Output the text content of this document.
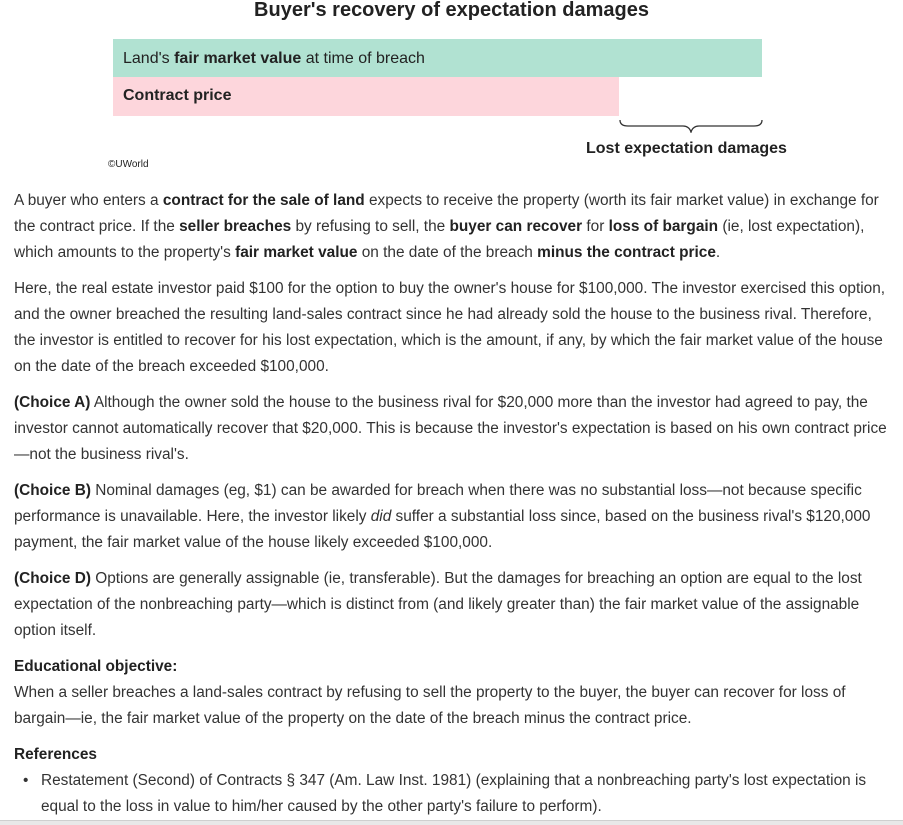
Buyer's recovery of expectation damages
Land's fair market value at time of breach
Contract price
Lost expectation damages
©UWorld

A buyer who enters a contract for the sale of land expects to receive the property (worth its fair market value) in exchange for the contract price. If the seller breaches by refusing to sell, the buyer can recover for loss of bargain (ie, lost expectation), which amounts to the property's fair market value on the date of the breach minus the contract price.

Here, the real estate investor paid $100 for the option to buy the owner's house for $100,000. The investor exercised this option, and the owner breached the resulting land-sales contract since he had already sold the house to the business rival. Therefore, the investor is entitled to recover for his lost expectation, which is the amount, if any, by which the fair market value of the house on the date of the breach exceeded $100,000.

(Choice A) Although the owner sold the house to the business rival for $20,000 more than the investor had agreed to pay, the investor cannot automatically recover that $20,000. This is because the investor's expectation is based on his own contract price—not the business rival's.

(Choice B) Nominal damages (eg, $1) can be awarded for breach when there was no substantial loss—not because specific performance is unavailable. Here, the investor likely did suffer a substantial loss since, based on the business rival's $120,000 payment, the fair market value of the house likely exceeded $100,000.

(Choice D) Options are generally assignable (ie, transferable). But the damages for breaching an option are equal to the lost expectation of the nonbreaching party—which is distinct from (and likely greater than) the fair market value of the assignable option itself.

Educational objective:
When a seller breaches a land-sales contract by refusing to sell the property to the buyer, the buyer can recover for loss of bargain—ie, the fair market value of the property on the date of the breach minus the contract price.
References
• Restatement (Second) of Contracts § 347 (Am. Law Inst. 1981) (explaining that a nonbreaching party's lost expectation is equal to the loss in value to him/her caused by the other party's failure to perform).
